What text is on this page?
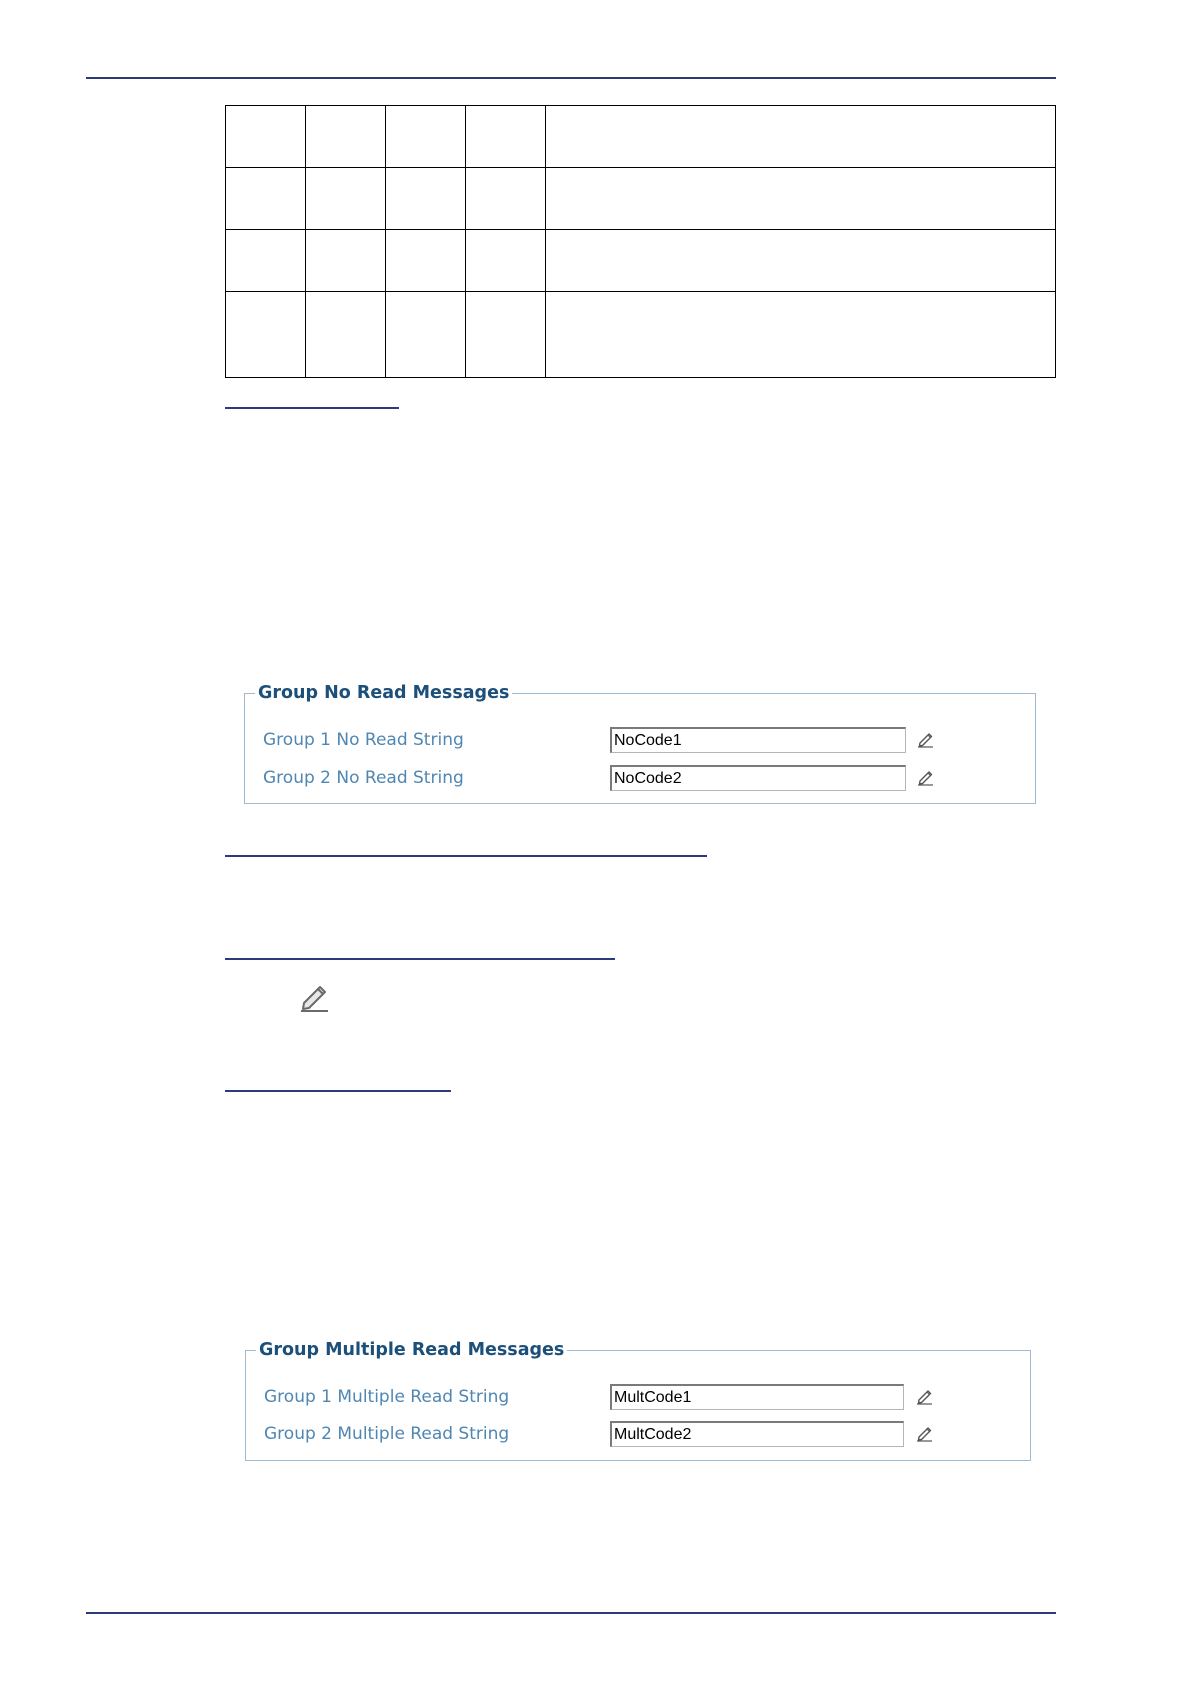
Group No Read Messages
Group 1 No Read String
NoCode1
Group 2 No Read String
NoCode2
Group Multiple Read Messages
Group 1 Multiple Read String
MultCode1
Group 2 Multiple Read String
MultCode2
